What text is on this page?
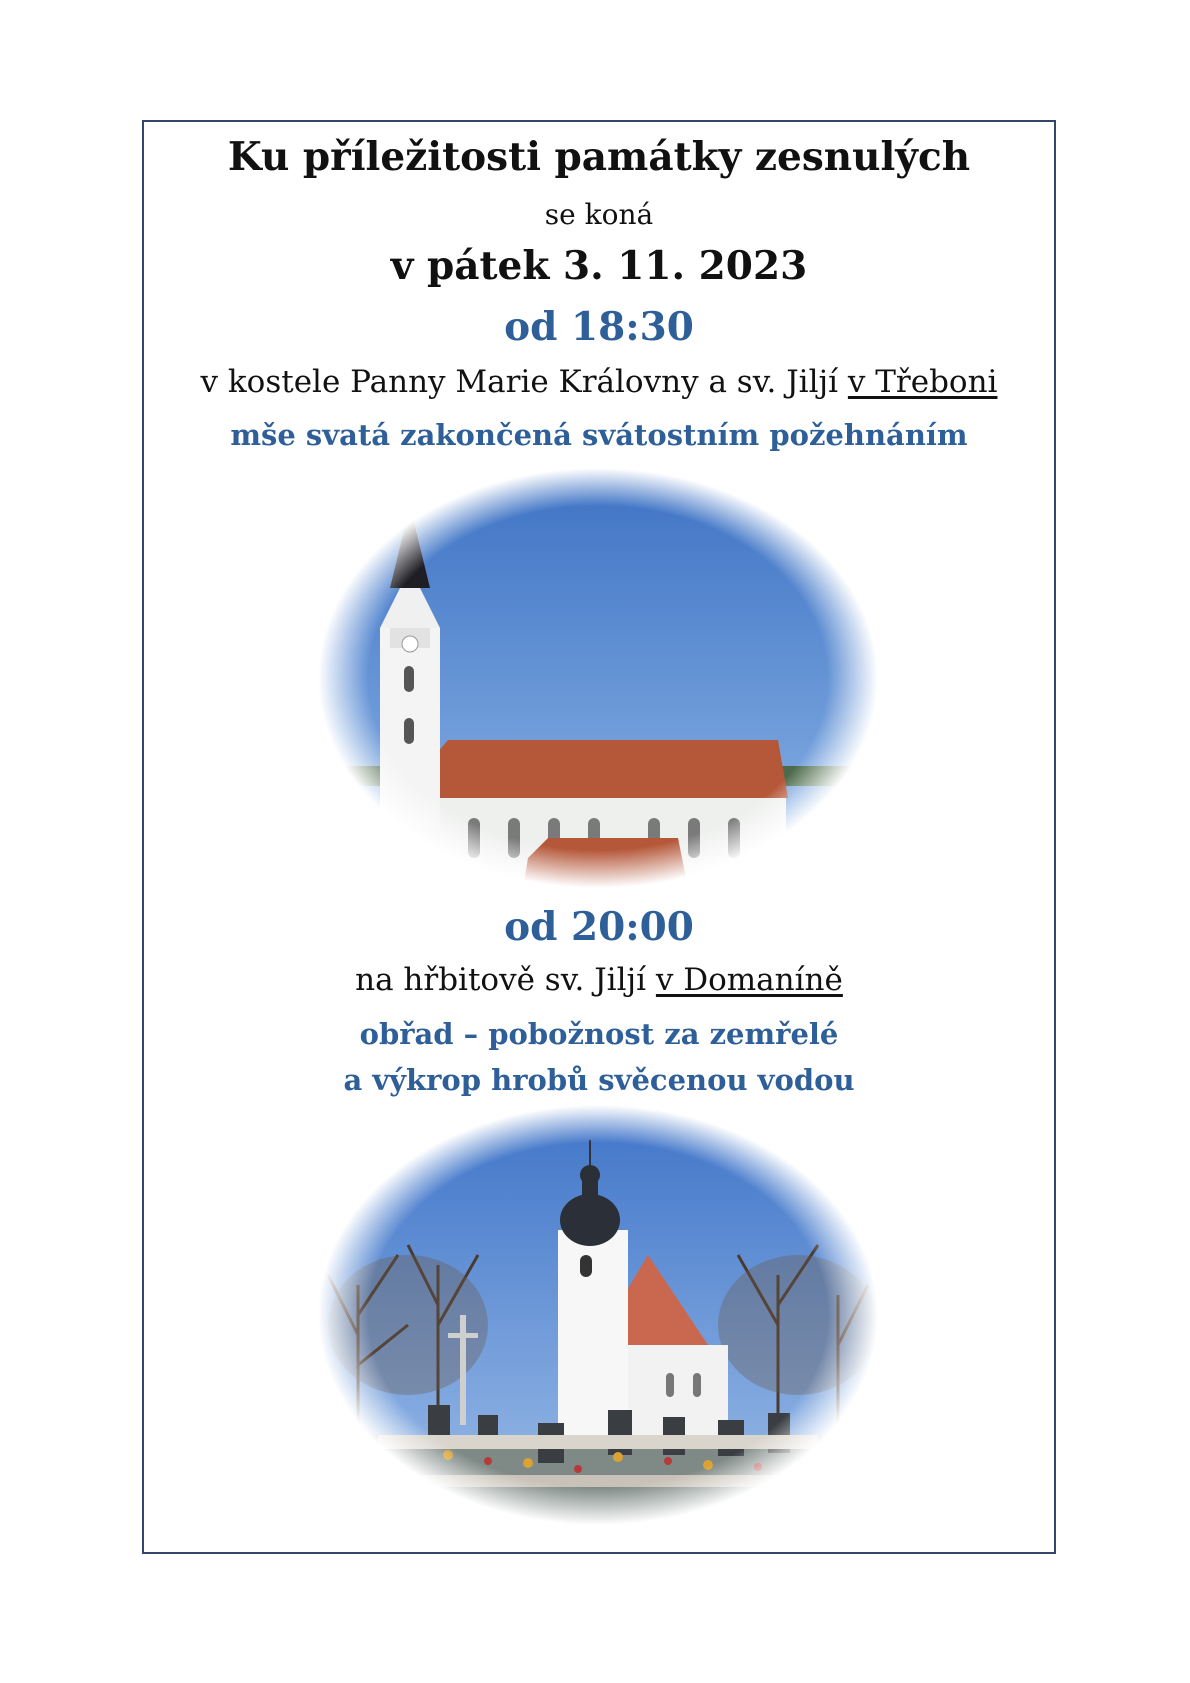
Ku příležitosti památky zesnulých
se koná
v pátek 3. 11. 2023
od 18:30
v kostele Panny Marie Královny a sv. Jiljí v Třeboni
mše svatá zakončená svátostním požehnáním
od 20:00
na hřbitově sv. Jiljí v Domaníně
obřad – pobožnost za zemřelé
a výkrop hrobů svěcenou vodou
